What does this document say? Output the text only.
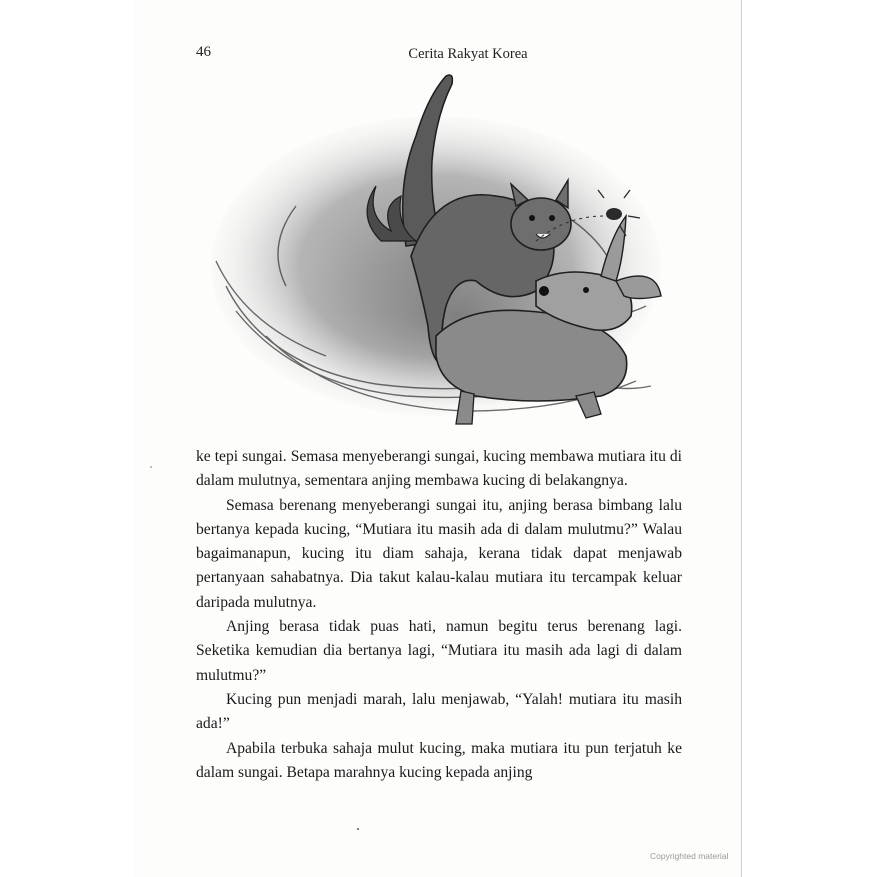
46	Cerita Rakyat Korea

ke tepi sungai. Semasa menyeberangi sungai, kucing membawa mutiara itu di dalam mulutnya, sementara anjing membawa kucing di belakangnya.

Semasa berenang menyeberangi sungai itu, anjing berasa bimbang lalu bertanya kepada kucing, “Mutiara itu masih ada di dalam mulutmu?” Walau bagaimanapun, kucing itu diam sahaja, kerana tidak dapat menjawab pertanyaan sahabatnya. Dia takut kalau-kalau mutiara itu tercampak keluar daripada mulutnya.

Anjing berasa tidak puas hati, namun begitu terus berenang lagi. Seketika kemudian dia bertanya lagi, “Mutiara itu masih ada lagi di dalam mulutmu?”

Kucing pun menjadi marah, lalu menjawab, “Yalah! mutiara itu masih ada!”

Apabila terbuka sahaja mulut kucing, maka mutiara itu pun terjatuh ke dalam sungai. Betapa marahnya kucing kepada anjing

Copyrighted material
